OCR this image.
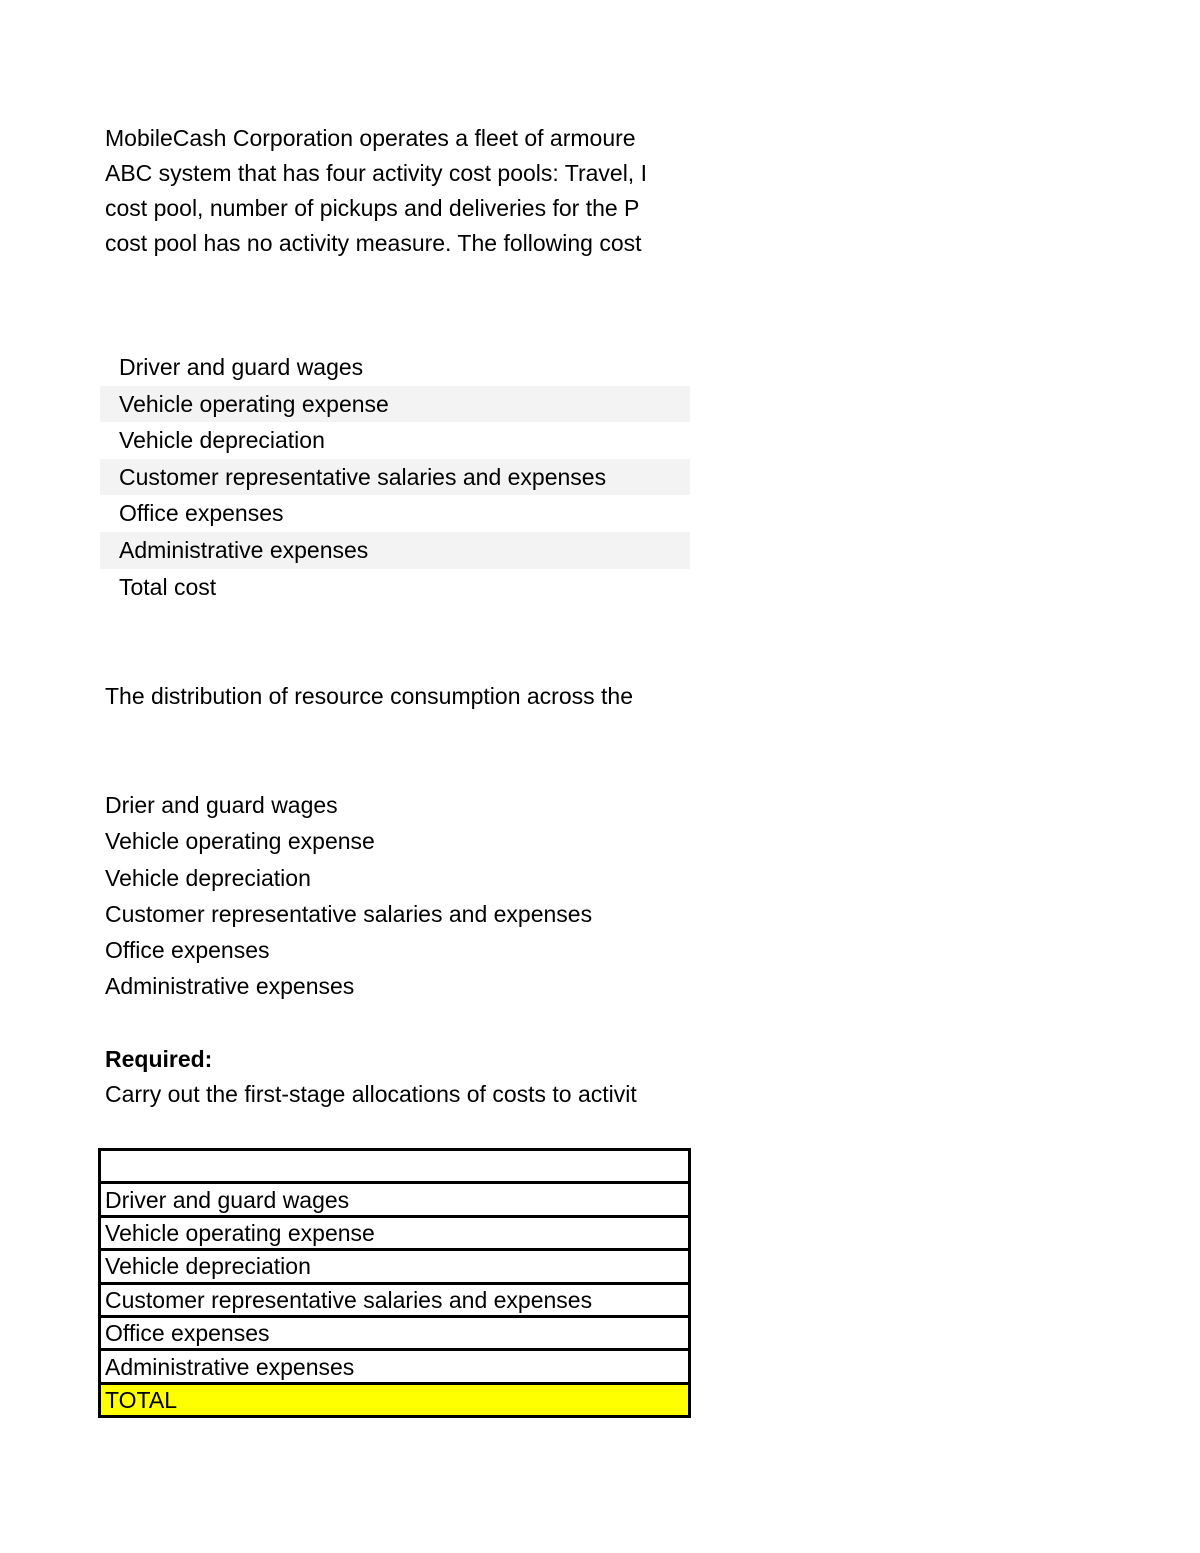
MobileCash Corporation operates a fleet of armoure
ABC system that has four activity cost pools: Travel, I
cost pool, number of pickups and deliveries for the P
cost pool has no activity measure. The following cost
Driver and guard wages
Vehicle operating expense
Vehicle depreciation
Customer representative salaries and expenses
Office expenses
Administrative expenses
Total cost
The distribution of resource consumption across the
Drier and guard wages
Vehicle operating expense
Vehicle depreciation
Customer representative salaries and expenses
Office expenses
Administrative expenses
Required:
Carry out the first-stage allocations of costs to activit

Driver and guard wages
Vehicle operating expense
Vehicle depreciation
Customer representative salaries and expenses
Office expenses
Administrative expenses
TOTAL
